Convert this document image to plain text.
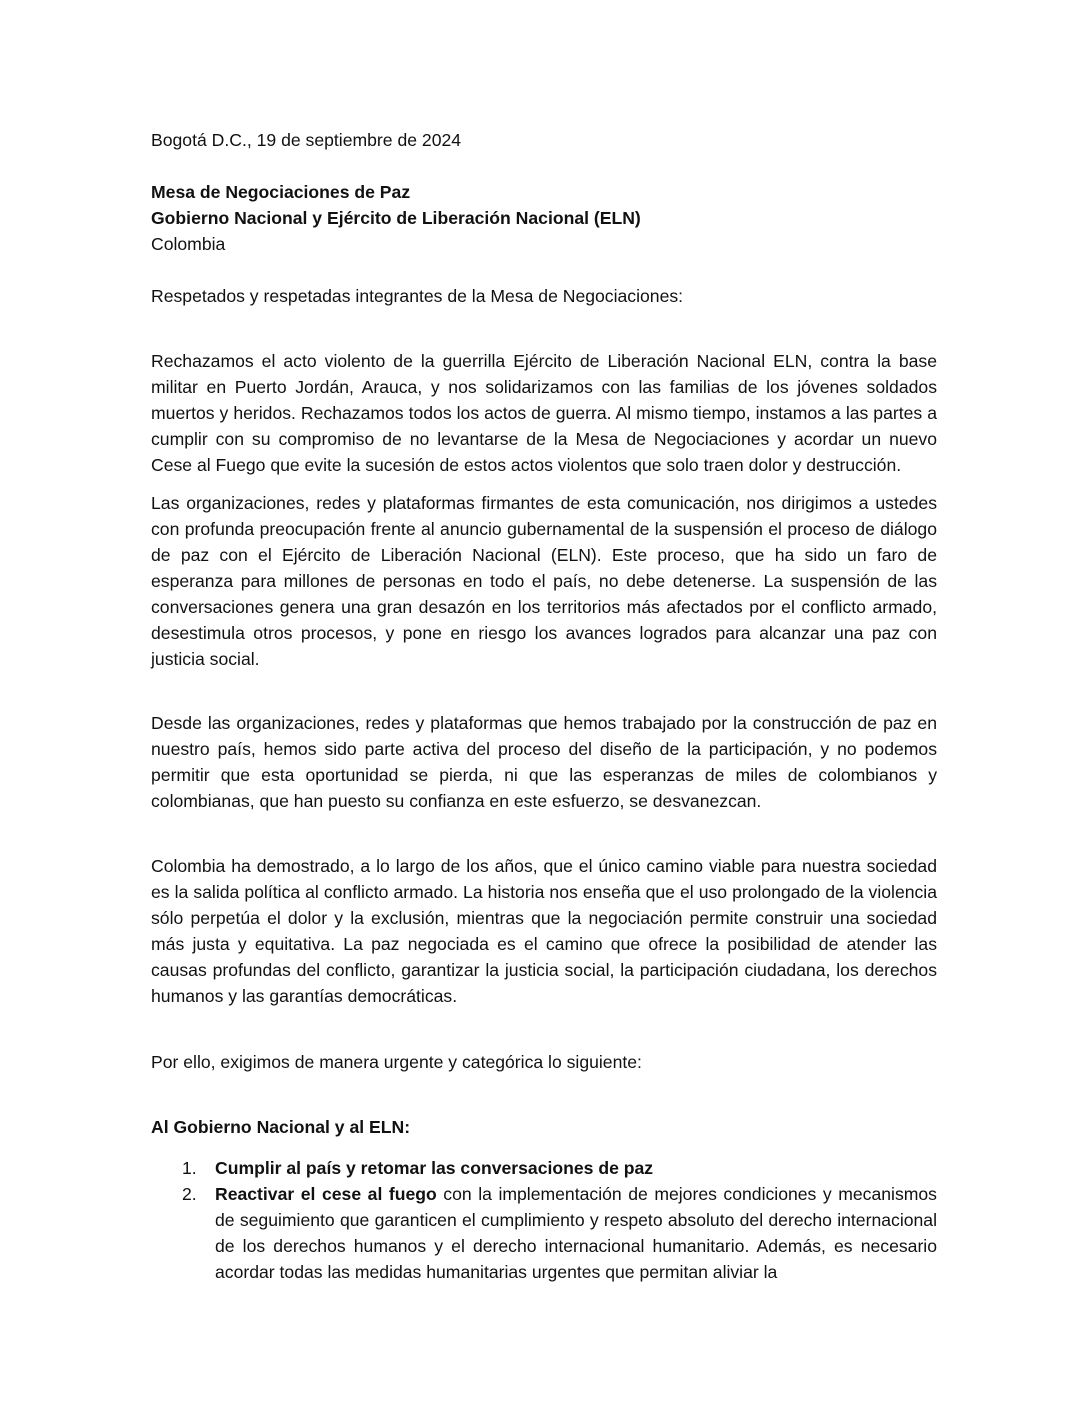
Bogotá D.C., 19 de septiembre de 2024

Mesa de Negociaciones de Paz

Gobierno Nacional y Ejército de Liberación Nacional (ELN)

Colombia

Respetados y respetadas integrantes de la Mesa de Negociaciones:

Rechazamos el acto violento de la guerrilla Ejército de Liberación Nacional ELN, contra la base militar en Puerto Jordán, Arauca, y nos solidarizamos con las familias de los jóvenes soldados muertos y heridos. Rechazamos todos los actos de guerra. Al mismo tiempo, instamos a las partes a cumplir con su compromiso de no levantarse de la Mesa de Negociaciones y acordar un nuevo Cese al Fuego que evite la sucesión de estos actos violentos que solo traen dolor y destrucción.

Las organizaciones, redes y plataformas firmantes de esta comunicación, nos dirigimos a ustedes con profunda preocupación frente al anuncio gubernamental de la suspensión el proceso de diálogo de paz con el Ejército de Liberación Nacional (ELN). Este proceso, que ha sido un faro de esperanza para millones de personas en todo el país, no debe detenerse. La suspensión de las conversaciones genera una gran desazón en los territorios más afectados por el conflicto armado, desestimula otros procesos, y pone en riesgo los avances logrados para alcanzar una paz con justicia social.

Desde las organizaciones, redes y plataformas que hemos trabajado por la construcción de paz en nuestro país, hemos sido parte activa del proceso del diseño de la participación, y no podemos permitir que esta oportunidad se pierda, ni que las esperanzas de miles de colombianos y colombianas, que han puesto su confianza en este esfuerzo, se desvanezcan.

Colombia ha demostrado, a lo largo de los años, que el único camino viable para nuestra sociedad es la salida política al conflicto armado. La historia nos enseña que el uso prolongado de la violencia sólo perpetúa el dolor y la exclusión, mientras que la negociación permite construir una sociedad más justa y equitativa. La paz negociada es el camino que ofrece la posibilidad de atender las causas profundas del conflicto, garantizar la justicia social, la participación ciudadana, los derechos humanos y las garantías democráticas.

Por ello, exigimos de manera urgente y categórica lo siguiente:

Al Gobierno Nacional y al ELN:

1. Cumplir al país y retomar las conversaciones de paz
2. Reactivar el cese al fuego con la implementación de mejores condiciones y mecanismos de seguimiento que garanticen el cumplimiento y respeto absoluto del derecho internacional de los derechos humanos y el derecho internacional humanitario. Además, es necesario acordar todas las medidas humanitarias urgentes que permitan aliviar la
